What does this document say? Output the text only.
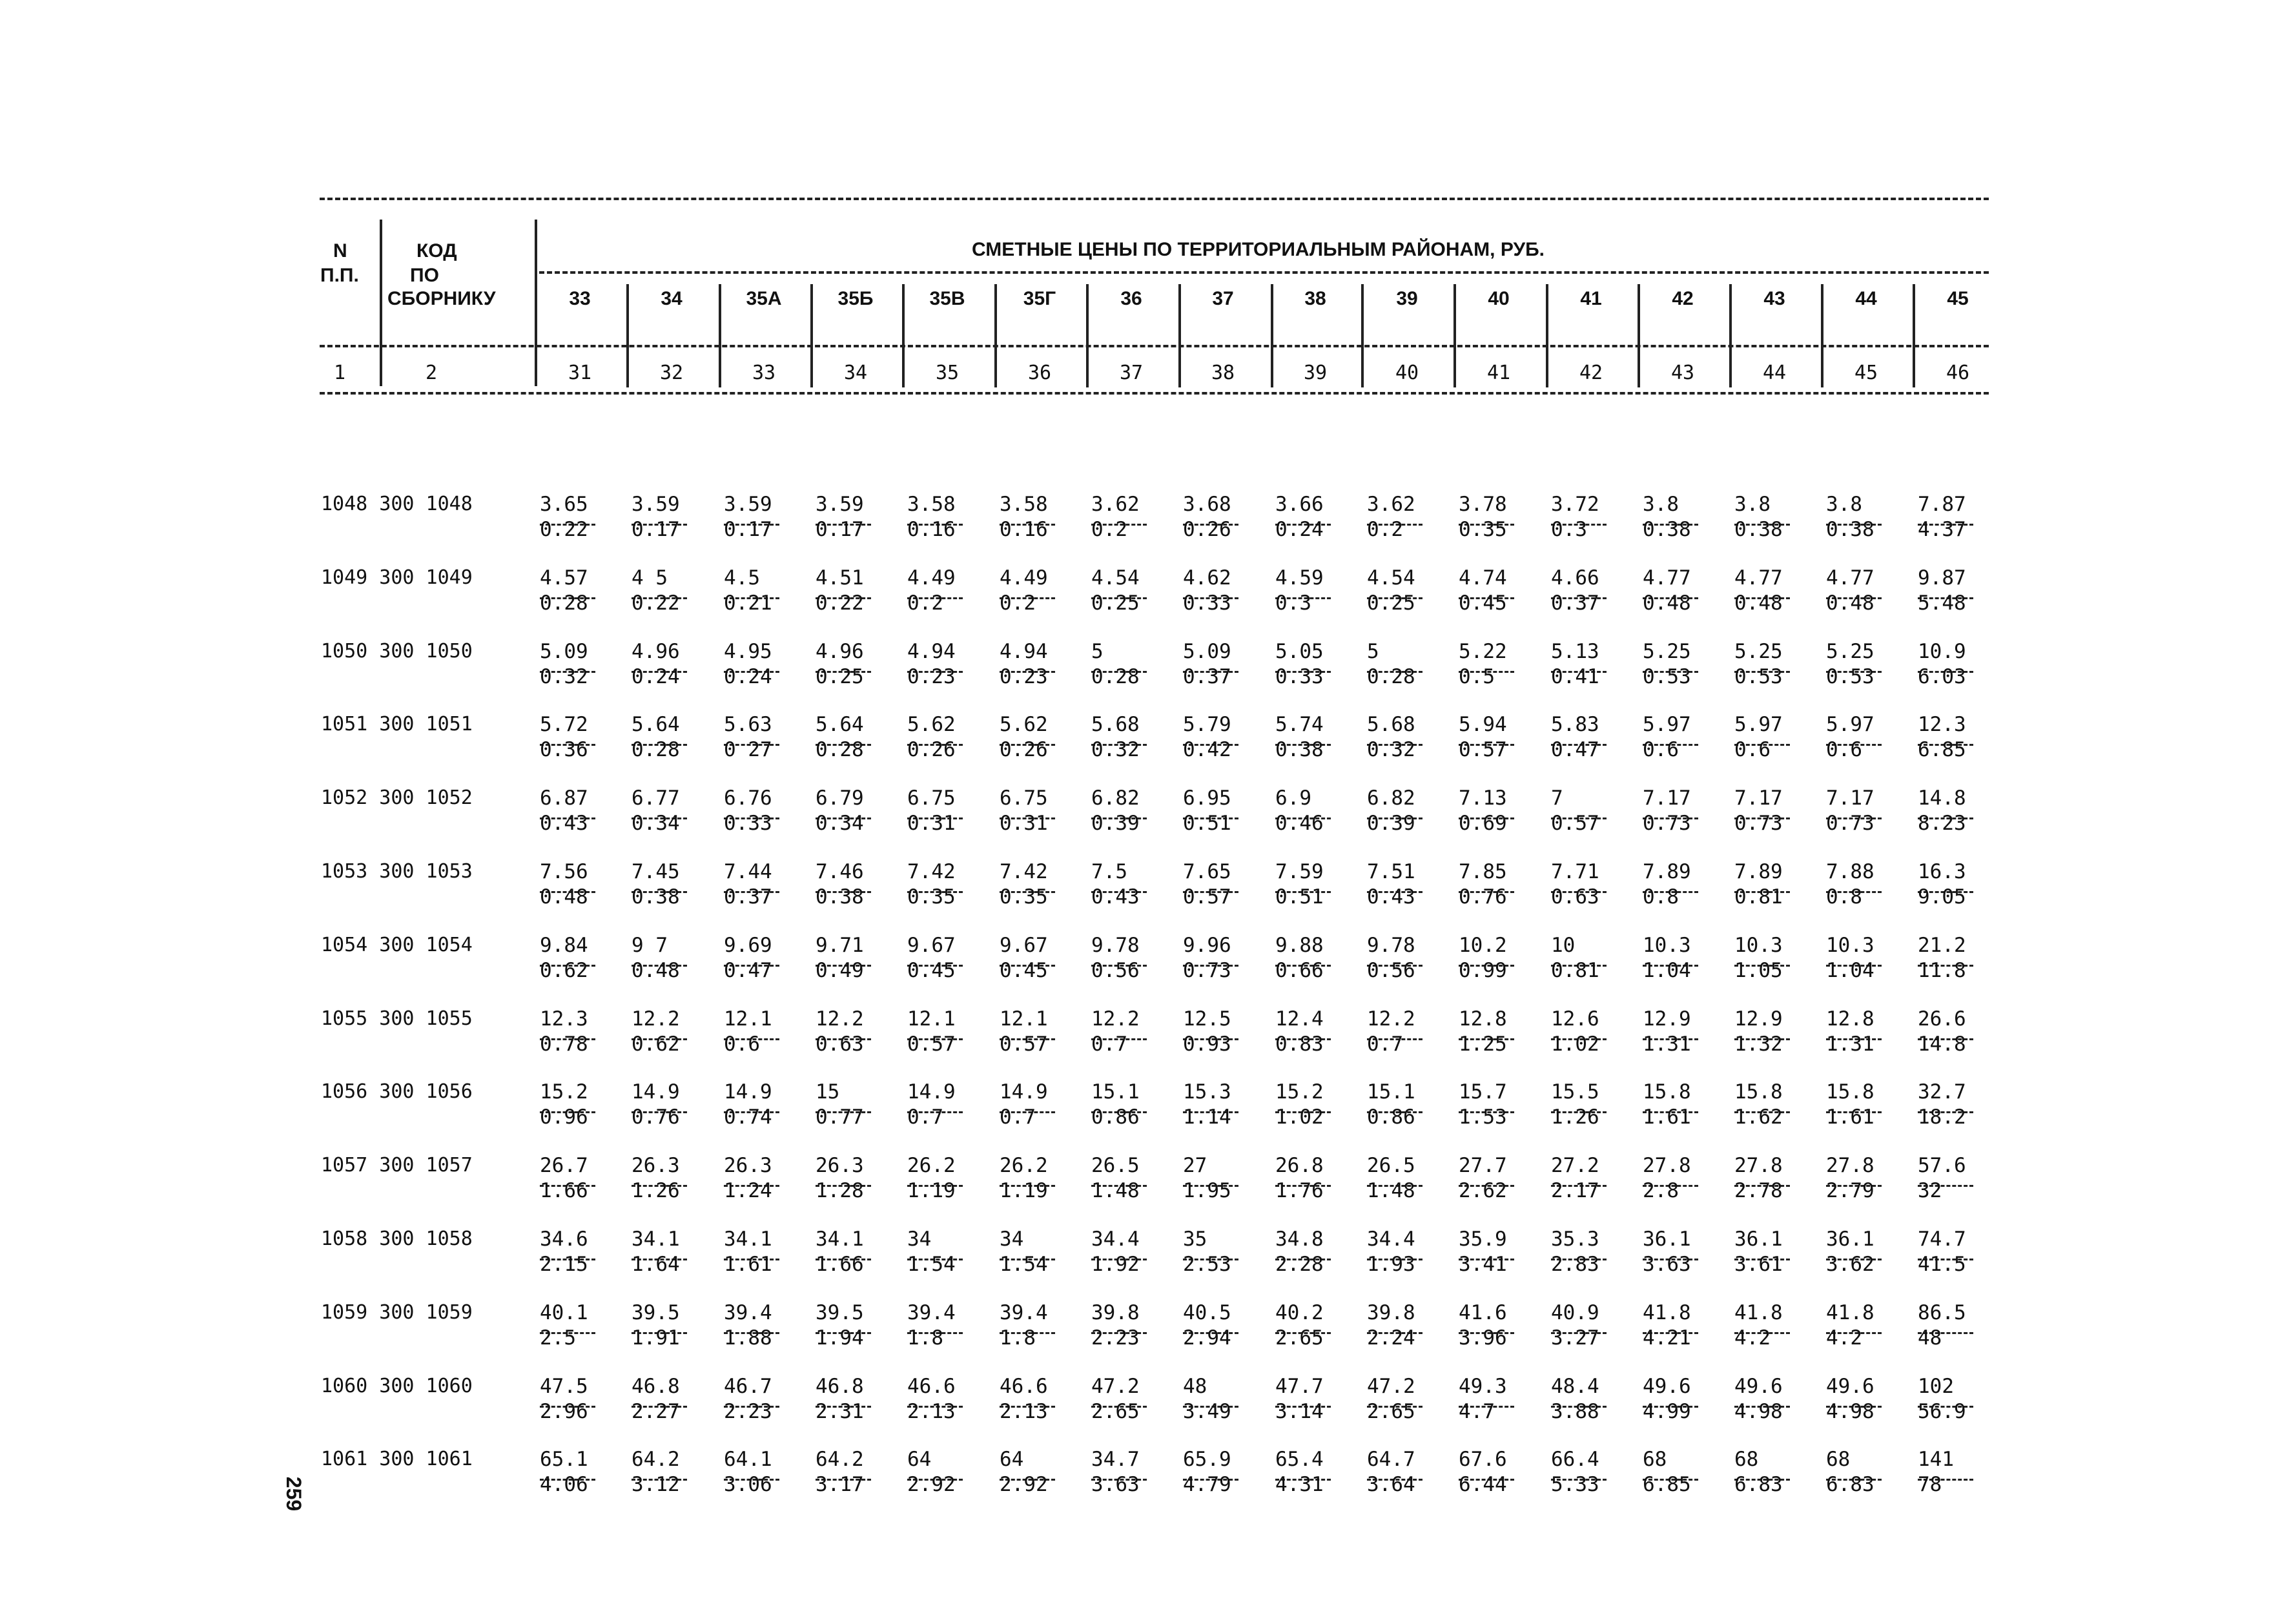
N
П.П.
КОД
ПО
СБОРНИКУ
СМЕТНЫЕ ЦЕНЫ ПО ТЕРРИТОРИАЛЬНЫМ РАЙОНАМ, РУБ.
33	34	35А	35Б	35В	35Г	36	37	38	39	40	41	42	43	44	45
1	2	31	32	33	34	35	36	37	38	39	40	41	42	43	44	45	46
1048 300 1048	3.65 3.59 3.59 3.59 3.58 3.58 3.62 3.68 3.66 3.62 3.78 3.72 3.8	3.8	3.8	7.87
0.22 0.17 0.17 0.17 0.16 0.16 0.2	0.26 0.24 0.2	0.35 0.3	0.38 0.38 0.38 4.37
1049 300 1049	4.57 4 5	4.5	4.51 4.49 4.49 4.54 4.62 4.59 4.54 4.74 4.66 4.77 4.77 4.77 9.87
0.28 0.22 0.21 0.22 0.2	0.2	0.25 0.33 0.3	0.25 0.45 0.37 0.48 0.48 0.48 5.48
1050 300 1050	5.09 4.96 4.95 4.96 4.94 4.94 5	5.09 5.05 5	5.22 5.13 5.25 5.25 5.25 10.9
0.32 0.24 0.24 0.25 0.23 0.23 0.28 0.37 0.33 0.28 0.5	0.41 0.53 0.53 0.53 6.03
1051 300 1051	5.72 5.64 5.63 5.64 5.62 5.62 5.68 5.79 5.74 5.68 5.94 5.83 5.97 5.97 5.97 12.3
0.36 0.28 0 27 0.28 0.26 0.26 0.32 0.42 0.38 0.32 0.57 0.47 0.6	0.6	0.6	6.85
1052 300 1052	6.87 6.77 6.76 6.79 6.75 6.75 6.82 6.95 6.9	6.82 7.13 7	7.17 7.17 7.17 14.8
0.43 0.34 0.33 0.34 0.31 0.31 0.39 0.51 0.46 0.39 0.69 0.57 0.73 0.73 0.73 8.23
1053 300 1053	7.56 7.45 7.44 7.46 7.42 7.42 7.5	7.65 7.59 7.51 7.85 7.71 7.89 7.89 7.88 16.3
0.48 0.38 0.37 0.38 0.35 0.35 0.43 0.57 0.51 0.43 0.76 0.63 0.8	0.81 0.8	9.05
1054 300 1054	9.84 9 7	9.69 9.71 9.67 9.67 9.78 9.96 9.88 9.78 10.2 10	10.3 10.3 10.3 21.2
0.62 0.48 0.47 0.49 0.45 0.45 0.56 0.73 0.66 0.56 0.99 0.81 1.04 1.05 1.04 11.8
1055 300 1055	12.3 12.2 12.1 12.2 12.1 12.1 12.2 12.5 12.4 12.2 12.8 12.6 12.9 12.9 12.8 26.6
0.78 0.62 0.6	0.63 0.57 0.57 0.7	0.93 0.83 0.7	1.25 1.02 1.31 1.32 1.31 14.8
1056 300 1056	15.2 14.9 14.9 15	14.9 14.9 15.1 15.3 15.2 15.1 15.7 15.5 15.8 15.8 15.8 32.7
0.96 0.76 0.74 0.77 0.7	0.7	0.86 1.14 1.02 0.86 1.53 1.26 1.61 1.62 1.61 18.2
1057 300 1057	26.7 26.3 26.3 26.3 26.2 26.2 26.5 27	26.8 26.5 27.7 27.2 27.8 27.8 27.8 57.6
1.66 1.26 1.24 1.28 1.19 1.19 1.48 1.95 1.76 1.48 2.62 2.17 2.8	2.78 2.79 32
1058 300 1058	34.6 34.1 34.1 34.1 34	34	34.4 35	34.8 34.4 35.9 35.3 36.1 36.1 36.1 74.7
2.15 1.64 1.61 1.66 1.54 1.54 1.92 2.53 2.28 1.93 3.41 2.83 3.63 3.61 3.62 41.5
1059 300 1059	40.1 39.5 39.4 39.5 39.4 39.4 39.8 40.5 40.2 39.8 41.6 40.9 41.8 41.8 41.8 86.5
2.5	1.91 1.88 1.94 1.8	1.8	2.23 2.94 2.65 2.24 3.96 3.27 4.21 4.2	4.2	48
1060 300 1060	47.5 46.8 46.7 46.8 46.6 46.6 47.2 48	47.7 47.2 49.3 48.4 49.6 49.6 49.6 102
2.96 2.27 2.23 2.31 2.13 2.13 2.65 3.49 3.14 2.65 4.7	3.88 4.99 4.98 4.98 56.9
1061 300 1061	65.1 64.2 64.1 64.2 64	64	34.7 65.9 65.4 64.7 67.6 66.4 68	68	68	141
4.06 3.12 3.06 3.17 2.92 2.92 3.63 4.79 4.31 3.64 6.44 5.33 6.85 6.83 6.83 78
259
